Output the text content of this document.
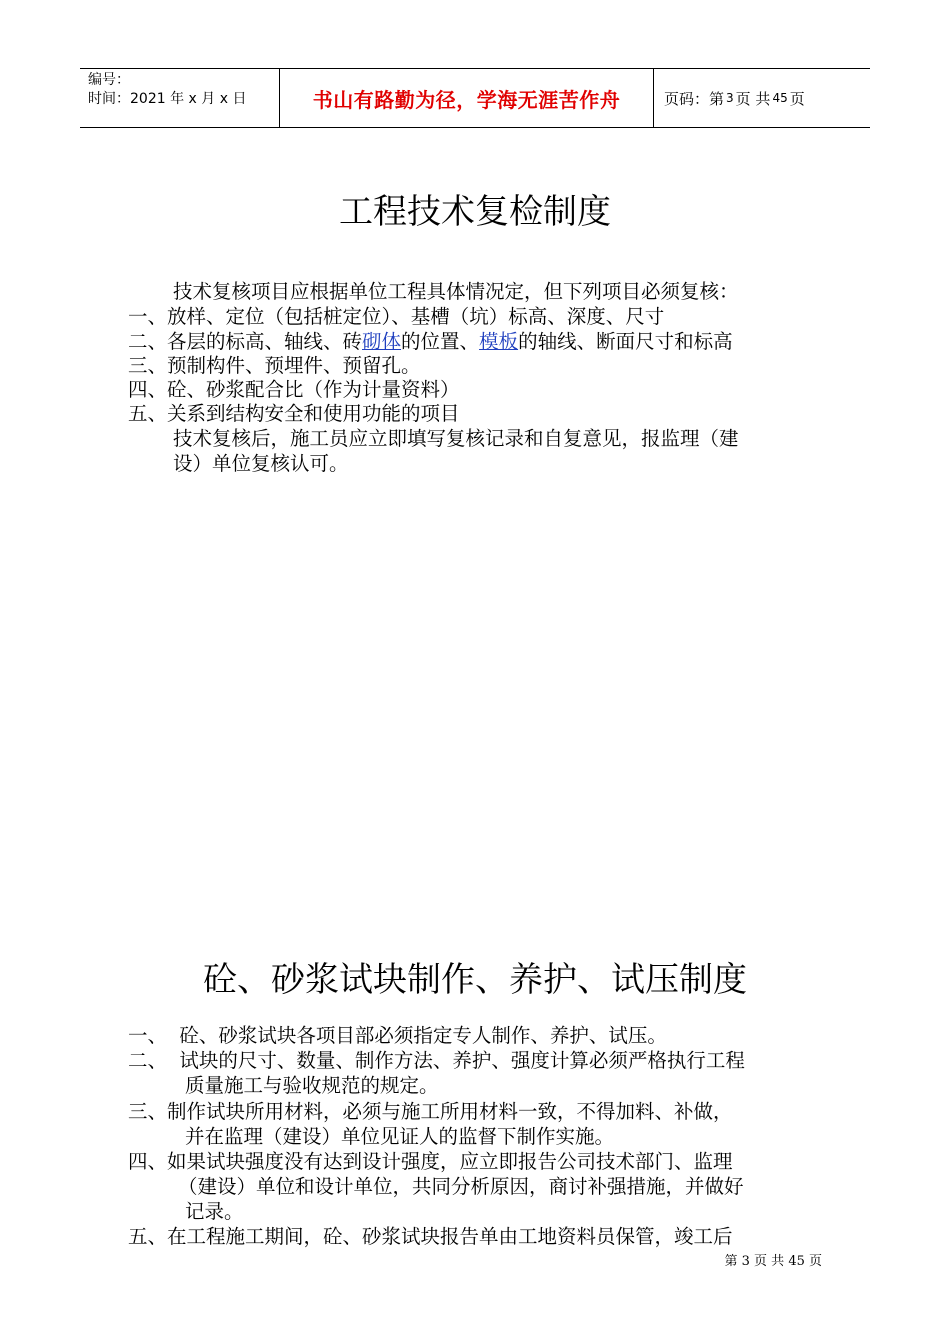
编号：
时间：2021 年 x 月 x 日	书山有路勤为径，学海无涯苦作舟	页码：第 3 页 共 45 页
工程技术复检制度

技术复核项目应根据单位工程具体情况定，但下列项目必须复核：

一、放样、定位（包括桩定位）、基槽（坑）标高、深度、尺寸

二、各层的标高、轴线、砖砌体的位置、模板的轴线、断面尺寸和标高

三、预制构件、预埋件、预留孔。

四、砼、砂浆配合比（作为计量资料）

五、关系到结构安全和使用功能的项目

技术复核后，施工员应立即填写复核记录和自复意见，报监理（建

设）单位复核认可。

砼、砂浆试块制作、养护、试压制度

一、  砼、砂浆试块各项目部必须指定专人制作、养护、试压。

二、  试块的尺寸、数量、制作方法、养护、强度计算必须严格执行工程

质量施工与验收规范的规定。

三、制作试块所用材料，必须与施工所用材料一致，不得加料、补做，

并在监理（建设）单位见证人的监督下制作实施。

四、如果试块强度没有达到设计强度，应立即报告公司技术部门、监理

（建设）单位和设计单位，共同分析原因，商讨补强措施，并做好

记录。

五、在工程施工期间，砼、砂浆试块报告单由工地资料员保管，竣工后

第 3 页 共 45 页
